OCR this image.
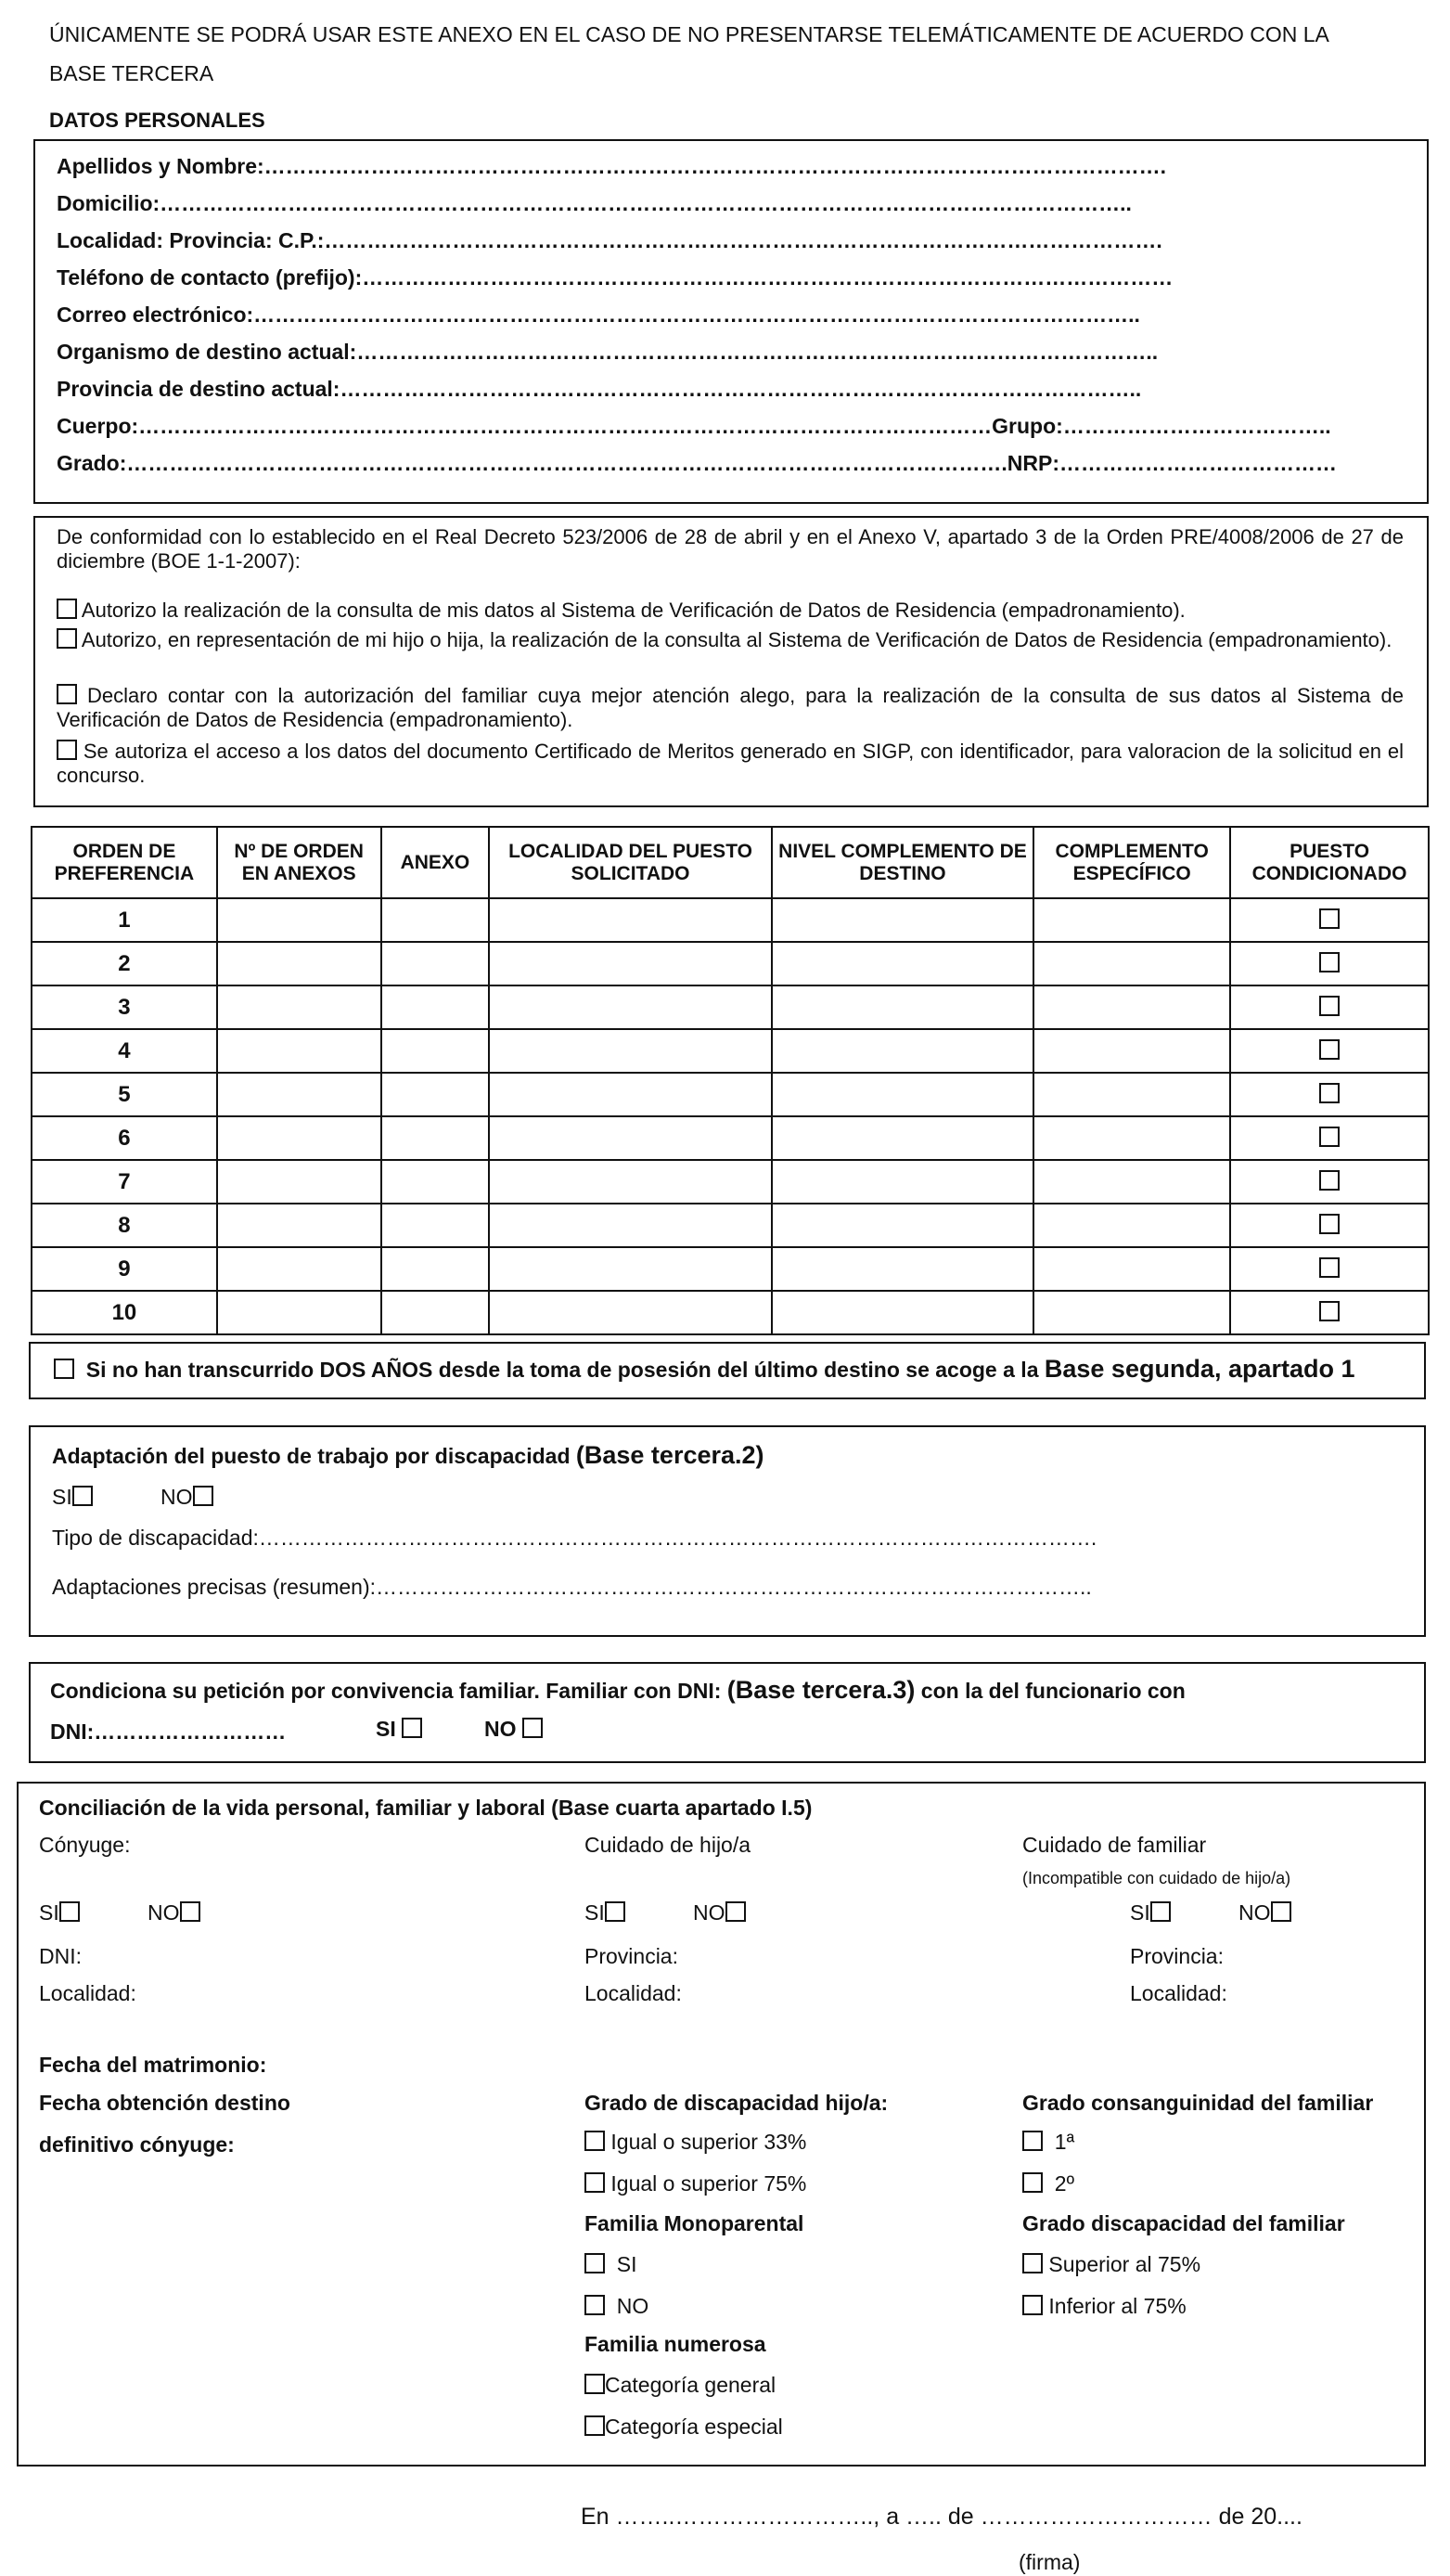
ÚNICAMENTE SE PODRÁ USAR ESTE ANEXO EN EL CASO DE NO PRESENTARSE TELEMÁTICAMENTE DE ACUERDO CON LA
BASE TERCERA
DATOS PERSONALES
Apellidos y Nombre:……………………………………………………………………………………………………………….
Domicilio:………………………………………………………………………………………………………………………..
Localidad: Provincia: C.P.:……………………………………………………………………………………………………….
Teléfono de contacto (prefijo):……………………………………………………………………………………………………
Correo electrónico:……………………………………………………………………………………………………………..
Organismo de destino actual:…………………………………………………………………………………………………..
Provincia de destino actual:…………………………………………………………………………………………………..
Cuerpo:…………………………………………………………………………………………………………Grupo:………………………………..
Grado:…………………………………………………………………………………………………………….NRP:…………………………………
De conformidad con lo establecido en el Real Decreto 523/2006 de 28 de abril y en el Anexo V, apartado 3 de la Orden PRE/4008/2006 de 27 de diciembre (BOE 1-1-2007):
Autorizo la realización de la consulta de mis datos al Sistema de Verificación de Datos de Residencia (empadronamiento).
Autorizo, en representación de mi hijo o hija, la realización de la consulta al Sistema de Verificación de Datos de Residencia (empadronamiento).
Declaro contar con la autorización del familiar cuya mejor atención alego, para la realización de la consulta de sus datos al Sistema de Verificación de Datos de Residencia (empadronamiento).
Se autoriza el acceso a los datos del documento Certificado de Meritos generado en SIGP, con identificador, para valoracion de la solicitud en el concurso.
ORDEN DE PREFERENCIA	Nº DE ORDEN EN ANEXOS	ANEXO	LOCALIDAD DEL PUESTO SOLICITADO	NIVEL COMPLEMENTO DE DESTINO	COMPLEMENTO ESPECÍFICO	PUESTO CONDICIONADO
1						
2						
3						
4						
5						
6						
7						
8						
9						
10						
Si no han transcurrido DOS AÑOS desde la toma de posesión del último destino se acoge a la Base segunda, apartado 1
Adaptación del puesto de trabajo por discapacidad (Base tercera.2)
SI	NO
Tipo de discapacidad:……………………………………………………………………………………………………….
Adaptaciones precisas (resumen):………………………………………………………………………………………..
Condiciona su petición por convivencia familiar. Familiar con DNI: (Base tercera.3) con la del funcionario con
DNI:………………………	SI	NO
Conciliación de la vida personal, familiar y laboral (Base cuarta apartado I.5)
Cónyuge:
SI	NO
DNI:
Localidad:
Fecha del matrimonio:
Fecha obtención destino
definitivo cónyuge:
Cuidado de hijo/a
SI	NO
Provincia:
Localidad:
Grado de discapacidad hijo/a:
Igual o superior 33%
Igual o superior 75%
Familia Monoparental
SI
NO
Familia numerosa
Categoría general
Categoría especial
Cuidado de familiar
(Incompatible con cuidado de hijo/a)
SI	NO
Provincia:
Localidad:
Grado consanguinidad del familiar
1ª
2º
Grado discapacidad del familiar
Superior al 75%
Inferior al 75%
En ……..…………………….., a ….. de ………………………… de 20....
(firma)
